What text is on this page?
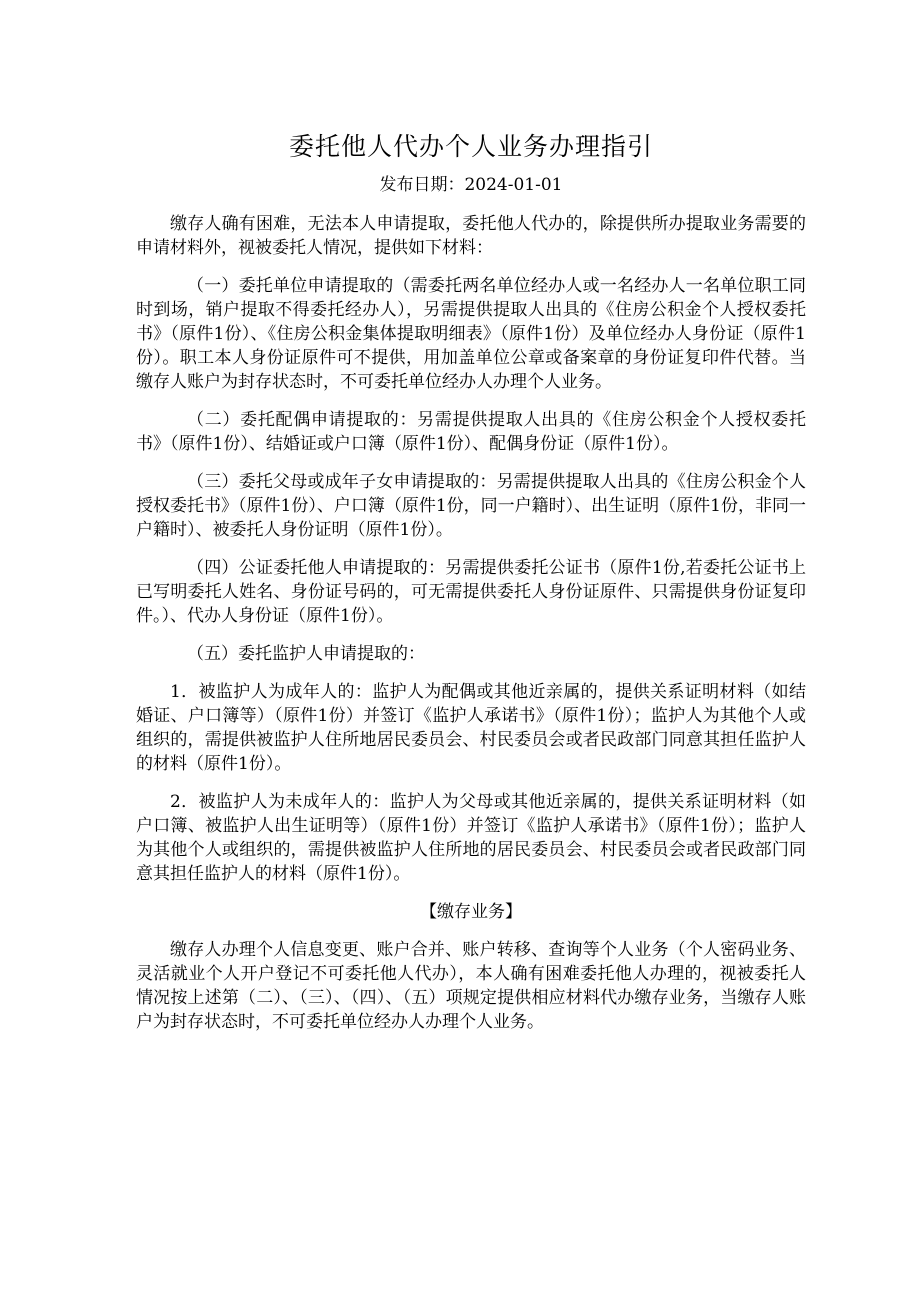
委托他人代办个人业务办理指引
发布日期：2024-01-01

缴存人确有困难，无法本人申请提取，委托他人代办的，除提供所办提取业务需要的申请材料外，视被委托人情况，提供如下材料：

（一）委托单位申请提取的（需委托两名单位经办人或一名经办人一名单位职工同时到场，销户提取不得委托经办人），另需提供提取人出具的《住房公积金个人授权委托书》（原件1份）、《住房公积金集体提取明细表》（原件1份）及单位经办人身份证（原件1份）。职工本人身份证原件可不提供，用加盖单位公章或备案章的身份证复印件代替。当缴存人账户为封存状态时，不可委托单位经办人办理个人业务。

（二）委托配偶申请提取的：另需提供提取人出具的《住房公积金个人授权委托书》（原件1份）、结婚证或户口簿（原件1份）、配偶身份证（原件1份）。

（三）委托父母或成年子女申请提取的：另需提供提取人出具的《住房公积金个人授权委托书》（原件1份）、户口簿（原件1份，同一户籍时）、出生证明（原件1份，非同一户籍时）、被委托人身份证明（原件1份）。

（四）公证委托他人申请提取的：另需提供委托公证书（原件1份,若委托公证书上已写明委托人姓名、身份证号码的，可无需提供委托人身份证原件、只需提供身份证复印件。）、代办人身份证（原件1份）。

（五）委托监护人申请提取的：

1．被监护人为成年人的：监护人为配偶或其他近亲属的，提供关系证明材料（如结婚证、户口簿等）（原件1份）并签订《监护人承诺书》（原件1份）；监护人为其他个人或组织的，需提供被监护人住所地居民委员会、村民委员会或者民政部门同意其担任监护人的材料（原件1份）。

2．被监护人为未成年人的：监护人为父母或其他近亲属的，提供关系证明材料（如户口簿、被监护人出生证明等）（原件1份）并签订《监护人承诺书》（原件1份）；监护人为其他个人或组织的，需提供被监护人住所地的居民委员会、村民委员会或者民政部门同意其担任监护人的材料（原件1份）。

【缴存业务】

缴存人办理个人信息变更、账户合并、账户转移、查询等个人业务（个人密码业务、灵活就业个人开户登记不可委托他人代办），本人确有困难委托他人办理的，视被委托人情况按上述第（二）、（三）、（四）、（五）项规定提供相应材料代办缴存业务，当缴存人账户为封存状态时，不可委托单位经办人办理个人业务。
